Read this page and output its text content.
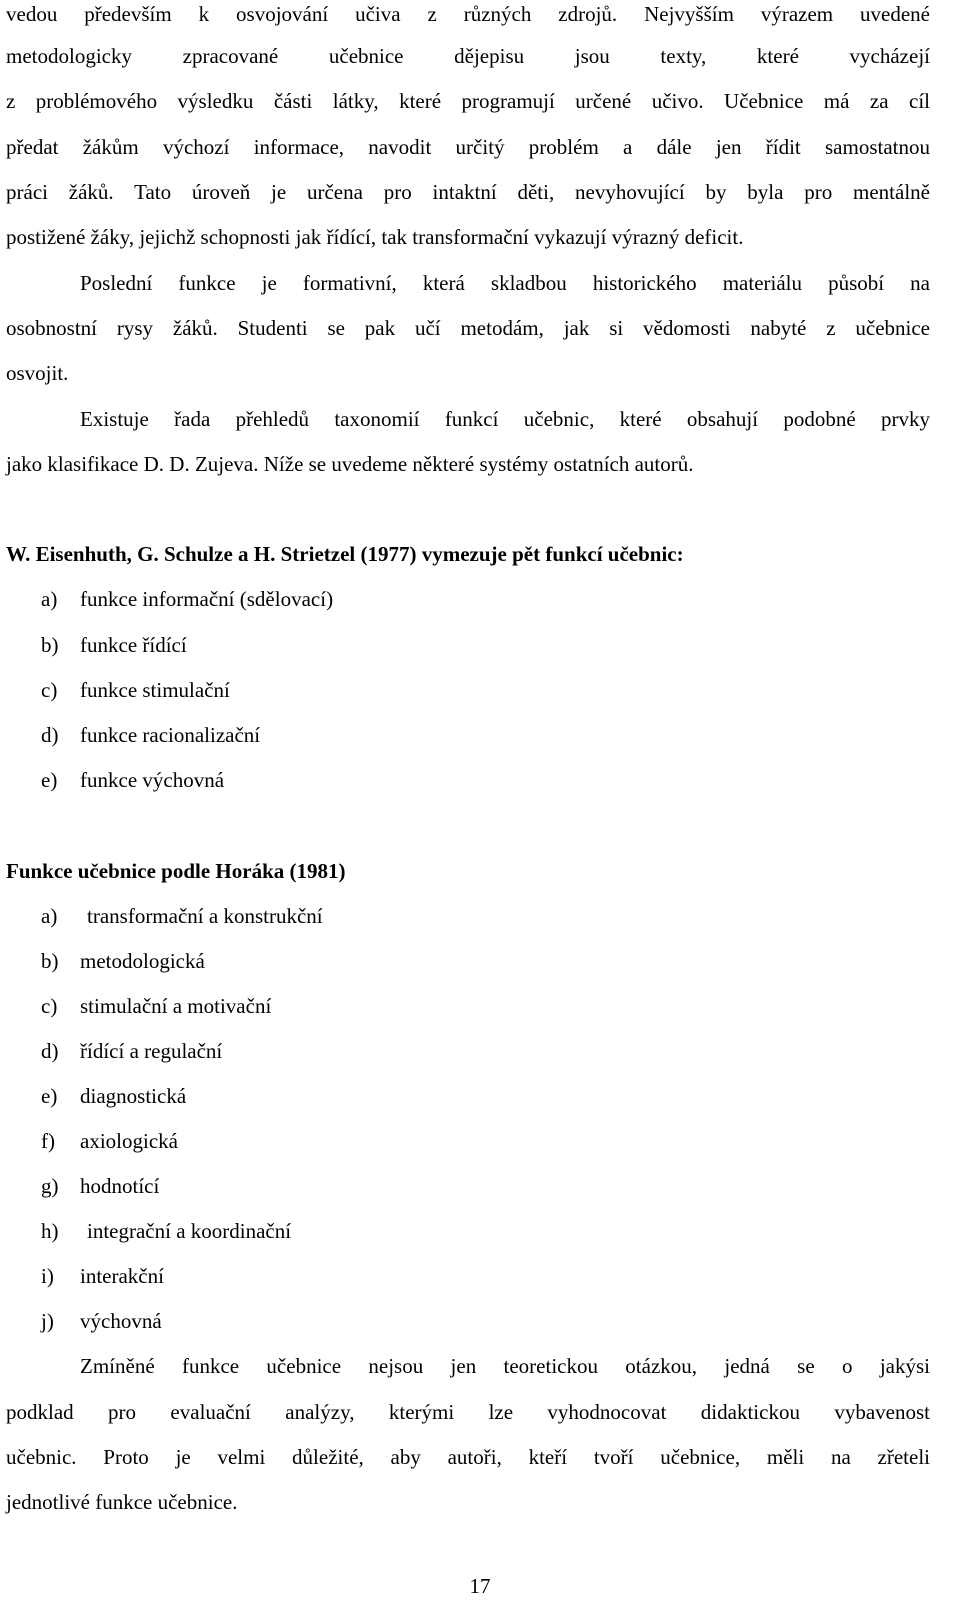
vedou především k osvojování učiva z různých zdrojů. Nejvyšším výrazem uvedené
metodologicky zpracované učebnice dějepisu jsou texty, které vycházejí
z problémového výsledku části látky, které programují určené učivo. Učebnice má za cíl
předat žákům výchozí informace, navodit určitý problém a dále jen řídit samostatnou
práci žáků. Tato úroveň je určena pro intaktní děti, nevyhovující by byla pro mentálně
postižené žáky, jejichž schopnosti jak řídící, tak transformační vykazují výrazný deficit.
Poslední funkce je formativní, která skladbou historického materiálu působí na
osobnostní rysy žáků. Studenti se pak učí metodám, jak si vědomosti nabyté z učebnice
osvojit.
Existuje řada přehledů taxonomií funkcí učebnic, které obsahují podobné prvky
jako klasifikace D. D. Zujeva. Níže se uvedeme některé systémy ostatních autorů.
W. Eisenhuth, G. Schulze a H. Strietzel (1977) vymezuje pět funkcí učebnic:
a) funkce informační (sdělovací)
b) funkce řídící
c) funkce stimulační
d) funkce racionalizační
e) funkce výchovná
Funkce učebnice podle Horáka (1981)
a) transformační a konstrukční
b) metodologická
c) stimulační a motivační
d) řídící a regulační
e) diagnostická
f) axiologická
g) hodnotící
h) integrační a koordinační
i) interakční
j) výchovná
Zmíněné funkce učebnice nejsou jen teoretickou otázkou, jedná se o jakýsi
podklad pro evaluační analýzy, kterými lze vyhodnocovat didaktickou vybavenost
učebnic. Proto je velmi důležité, aby autoři, kteří tvoří učebnice, měli na zřeteli
jednotlivé funkce učebnice.
17
